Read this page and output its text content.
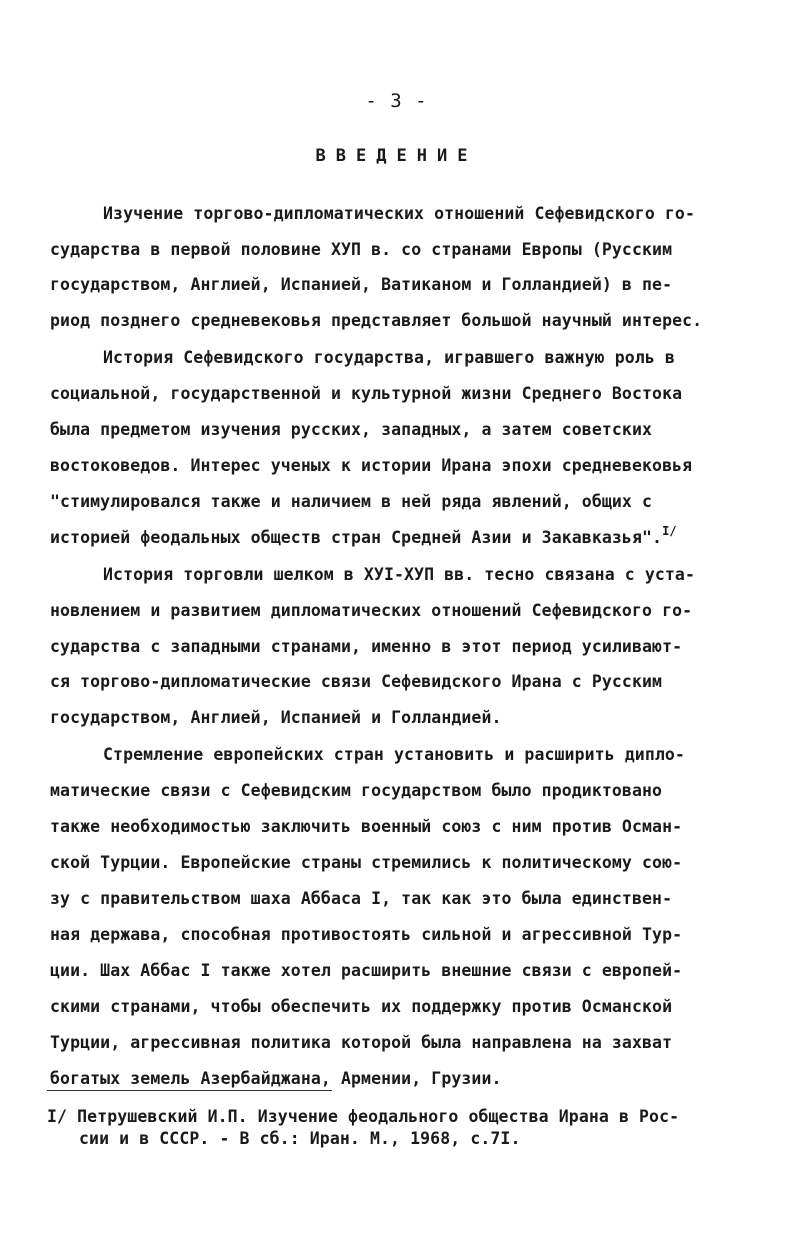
- 3 -
ВВЕДЕНИЕ
Изучение торгово-дипломатических отношений Сефевидского го-
сударства в первой половине ХУП в. со странами Европы (Русским
государством, Англией, Испанией, Ватиканом и Голландией) в пе-
риод позднего средневековья представляет большой научный интерес.
История Сефевидского государства, игравшего важную роль в
социальной, государственной и культурной жизни Среднего Востока
была предметом изучения русских, западных, а затем советских
востоковедов. Интерес ученых к истории Ирана эпохи средневековья
"стимулировался также и наличием в ней ряда явлений, общих с
историей феодальных обществ стран Средней Азии и Закавказья".$^{I/}$
История торговли шелком в ХУI-ХУП вв. тесно связана с уста-
новлением и развитием дипломатических отношений Сефевидского го-
сударства с западными странами, именно в этот период усиливают-
ся торгово-дипломатические связи Сефевидского Ирана с Русским
государством, Англией, Испанией и Голландией.
Стремление европейских стран установить и расширить дипло-
матические связи с Сефевидским государством было продиктовано
также необходимостью заключить военный союз с ним против Осман-
ской Турции. Европейские страны стремились к политическому сою-
зу с правительством шаха Аббаса I, так как это была единствен-
ная держава, способная противостоять сильной и агрессивной Тур-
ции. Шах Аббас I также хотел расширить внешние связи с европей-
скими странами, чтобы обеспечить их поддержку против Османской
Турции, агрессивная политика которой была направлена на захват
богатых земель Азербайджана, Армении, Грузии.
I/ Петрушевский И.П. Изучение феодального общества Ирана в Рос-
сии и в СССР. - В сб.: Иран. М., 1968, с.7I.
